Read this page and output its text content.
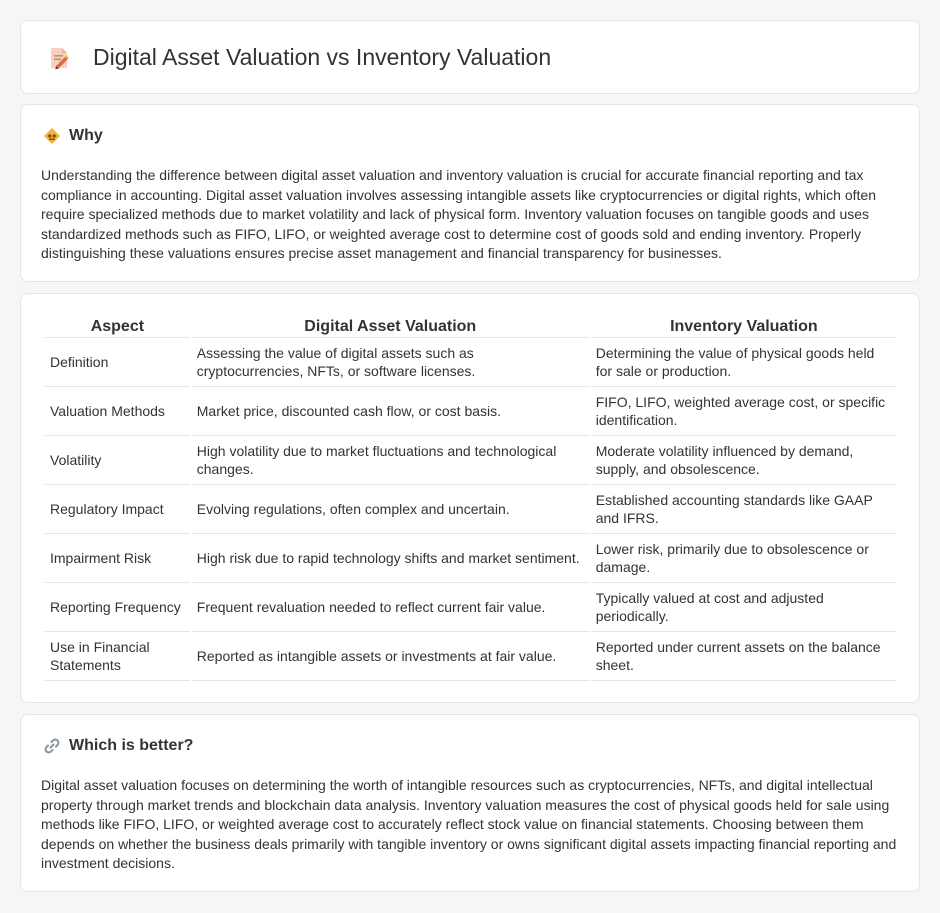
Digital Asset Valuation vs Inventory Valuation
Why

Understanding the difference between digital asset valuation and inventory valuation is crucial for accurate financial reporting and tax compliance in accounting. Digital asset valuation involves assessing intangible assets like cryptocurrencies or digital rights, which often require specialized methods due to market volatility and lack of physical form. Inventory valuation focuses on tangible goods and uses standardized methods such as FIFO, LIFO, or weighted average cost to determine cost of goods sold and ending inventory. Properly distinguishing these valuations ensures precise asset management and financial transparency for businesses.

Aspect	Digital Asset Valuation	Inventory Valuation
Definition	Assessing the value of digital assets such as cryptocurrencies, NFTs, or software licenses.	Determining the value of physical goods held for sale or production.
Valuation Methods	Market price, discounted cash flow, or cost basis.	FIFO, LIFO, weighted average cost, or specific identification.
Volatility	High volatility due to market fluctuations and technological changes.	Moderate volatility influenced by demand, supply, and obsolescence.
Regulatory Impact	Evolving regulations, often complex and uncertain.	Established accounting standards like GAAP and IFRS.
Impairment Risk	High risk due to rapid technology shifts and market sentiment.	Lower risk, primarily due to obsolescence or damage.
Reporting Frequency	Frequent revaluation needed to reflect current fair value.	Typically valued at cost and adjusted periodically.
Use in Financial Statements	Reported as intangible assets or investments at fair value.	Reported under current assets on the balance sheet.
Which is better?

Digital asset valuation focuses on determining the worth of intangible resources such as cryptocurrencies, NFTs, and digital intellectual property through market trends and blockchain data analysis. Inventory valuation measures the cost of physical goods held for sale using methods like FIFO, LIFO, or weighted average cost to accurately reflect stock value on financial statements. Choosing between them depends on whether the business deals primarily with tangible inventory or owns significant digital assets impacting financial reporting and investment decisions.
